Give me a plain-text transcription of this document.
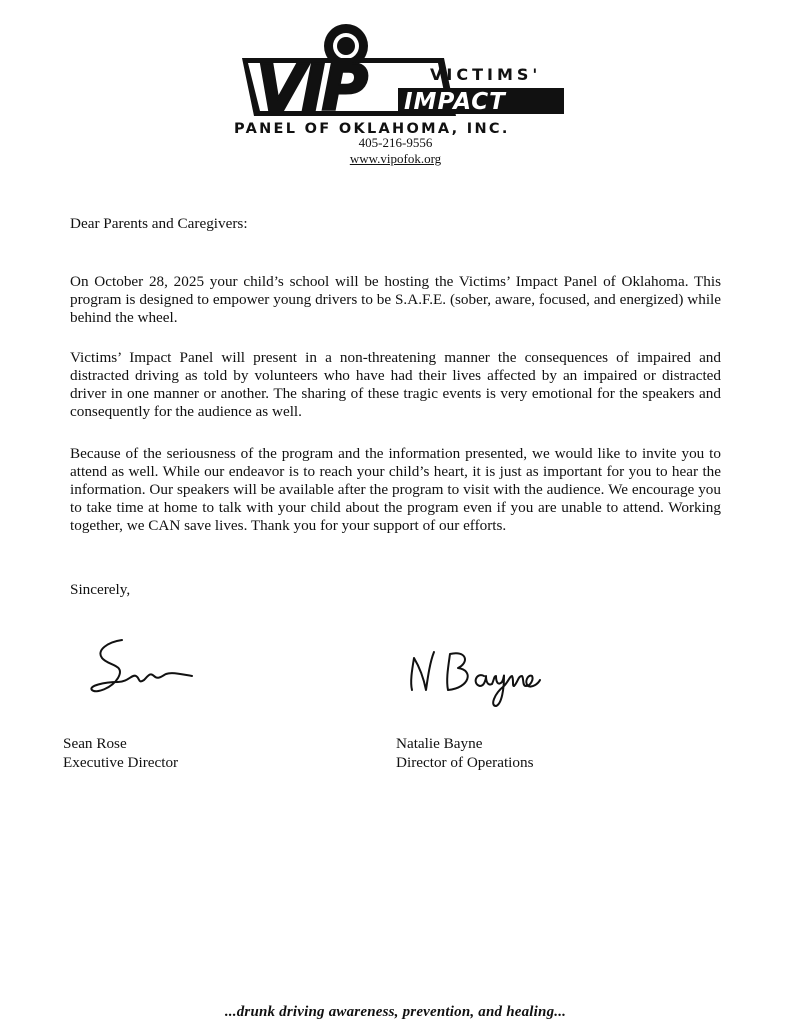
VIP	VICTIMS'
IMPACT
PANEL OF OKLAHOMA, INC.
405-216-9556
www.vipofok.org
Dear Parents and Caregivers:
On October 28, 2025 your child’s school will be hosting the Victims’ Impact Panel of Oklahoma. This program is designed to empower young drivers to be S.A.F.E. (sober, aware, focused, and energized) while behind the wheel.
Victims’ Impact Panel will present in a non-threatening manner the consequences of impaired and distracted driving as told by volunteers who have had their lives affected by an impaired or distracted driver in one manner or another. The sharing of these tragic events is very emotional for the speakers and consequently for the audience as well.
Because of the seriousness of the program and the information presented, we would like to invite you to attend as well. While our endeavor is to reach your child’s heart, it is just as important for you to hear the information. Our speakers will be available after the program to visit with the audience. We encourage you to take time at home to talk with your child about the program even if you are unable to attend. Working together, we CAN save lives. Thank you for your support of our efforts.
Sincerely,
Sean Rose
Executive Director
Natalie Bayne
Director of Operations
...drunk driving awareness, prevention, and healing...
